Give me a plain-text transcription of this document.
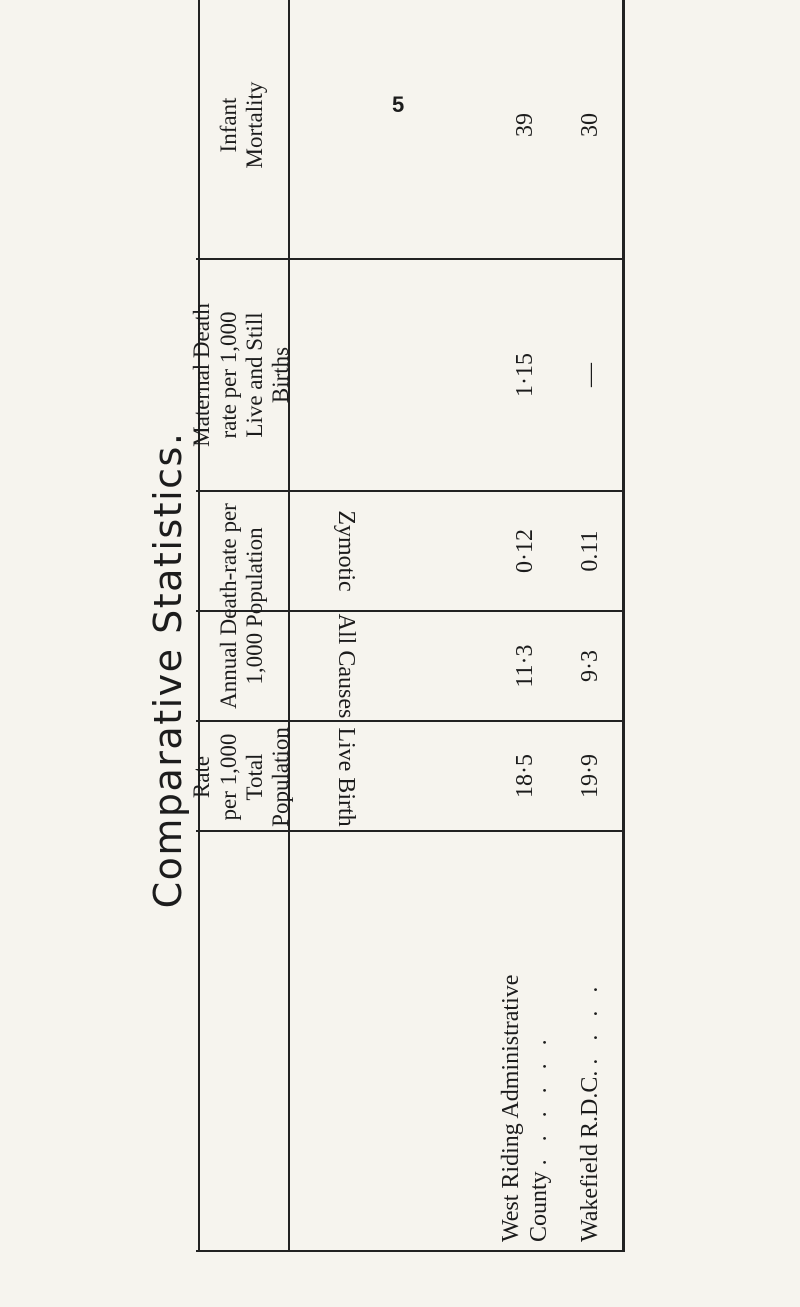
5
Comparative Statistics. Rate
per 1,000
Total
Population	Live Birth
Annual Death-rate per
1,000 Population	All Causes
Zymotic
Maternal Death
rate per 1,000
Live and Still
Births
Infant
Mortality
West Riding Administrative
County . . . . . . Wakefield R.D.C. . . . .
18·5
11·3
0·12
1·15
39
19·9
9·3
0.11
—
30
